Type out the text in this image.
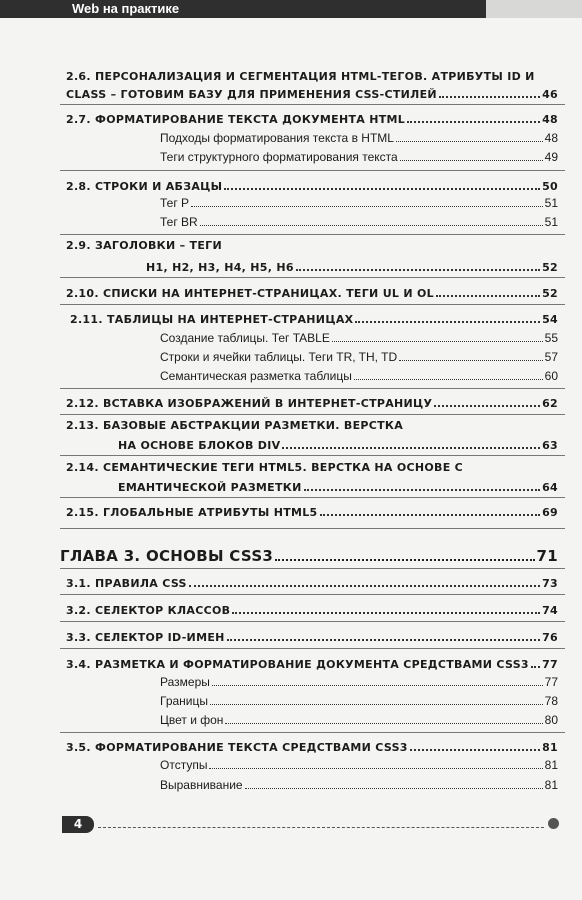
Web на практике
2.6. ПЕРСОНАЛИЗАЦИЯ И СЕГМЕНТАЦИЯ HTML-ТЕГОВ. АТРИБУТЫ ID И
CLASS – ГОТОВИМ БАЗУ ДЛЯ ПРИМЕНЕНИЯ CSS-СТИЛЕЙ	46
2.7. ФОРМАТИРОВАНИЕ ТЕКСТА ДОКУМЕНТА HTML	48
Подходы форматирования текста в HTML	48
Теги структурного форматирования текста	49
2.8. СТРОКИ И АБЗАЦЫ	50
Тег P	51
Тег BR	51
2.9. ЗАГОЛОВКИ – ТЕГИ
H1, H2, H3, H4, H5, H6	52
2.10. СПИСКИ НА ИНТЕРНЕТ-СТРАНИЦАХ. ТЕГИ UL И OL	52
2.11. ТАБЛИЦЫ НА ИНТЕРНЕТ-СТРАНИЦАХ	54
Создание таблицы. Тег TABLE	55
Строки и ячейки таблицы. Теги TR, TH, TD	57
Семантическая разметка таблицы	60
2.12. ВСТАВКА ИЗОБРАЖЕНИЙ В ИНТЕРНЕТ-СТРАНИЦУ	62
2.13. БАЗОВЫЕ АБСТРАКЦИИ РАЗМЕТКИ. ВЕРСТКА
НА ОСНОВЕ БЛОКОВ DIV	63
2.14. СЕМАНТИЧЕСКИЕ ТЕГИ HTML5. ВЕРСТКА НА ОСНОВЕ С
ЕМАНТИЧЕСКОЙ РАЗМЕТКИ	64
2.15. ГЛОБАЛЬНЫЕ АТРИБУТЫ HTML5	69
ГЛАВА 3. ОСНОВЫ CSS3	71
3.1. ПРАВИЛА CSS	73
3.2. СЕЛЕКТОР КЛАССОВ	74
3.3. СЕЛЕКТОР ID-ИМЕН	76
3.4. РАЗМЕТКА И ФОРМАТИРОВАНИЕ ДОКУМЕНТА СРЕДСТВАМИ CSS3 77
Размеры	77
Границы	78
Цвет и фон	80
3.5. ФОРМАТИРОВАНИЕ ТЕКСТА СРЕДСТВАМИ CSS3	81
Отступы	81
Выравнивание	81
4
